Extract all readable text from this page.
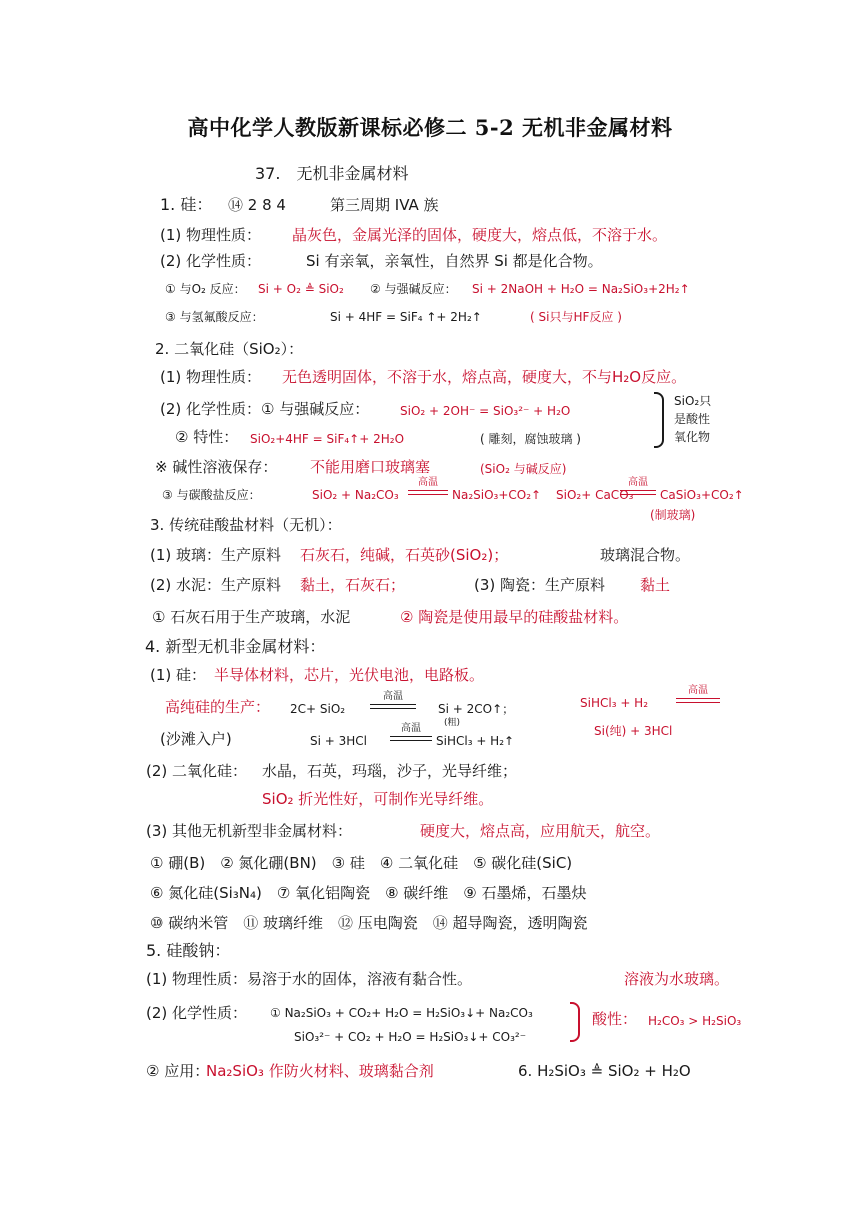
高中化学人教版新课标必修二 5-2 无机非金属材料
37.　无机非金属材料
1. 硅： ⑭ 2 8 4	第三周期 IVA 族
(1) 物理性质： 晶灰色，金属光泽的固体，硬度大，熔点低，不溶于水。
(2) 化学性质：	Si 有亲氧，亲氧性，自然界 Si 都是化合物。
① 与O₂ 反应： Si + O₂ ≜ SiO₂ ② 与强碱反应： Si + 2NaOH + H₂O = Na₂SiO₃+2H₂↑
③ 与氢氟酸反应：	Si + 4HF = SiF₄ ↑+ 2H₂↑	( Si只与HF反应 )
2. 二氧化硅（SiO₂）：
(1) 物理性质： 无色透明固体，不溶于水，熔点高，硬度大，不与H₂O反应。
(2) 化学性质：① 与强碱反应：	SiO₂ + 2OH⁻ = SiO₃²⁻ + H₂O
② 特性： SiO₂+4HF = SiF₄↑+ 2H₂O	( 雕刻，腐蚀玻璃 )
SiO₂只
是酸性
氧化物
※ 碱性溶液保存： 不能用磨口玻璃塞	(SiO₂ 与碱反应)
③ 与碳酸盐反应：	SiO₂ + Na₂CO₃
高温
Na₂SiO₃+CO₂↑ SiO₂+ CaCO₃
高温
CaSiO₃+CO₂↑
(制玻璃)
3. 传统硅酸盐材料（无机）：
(1) 玻璃：生产原料 石灰石，纯碱，石英砂(SiO₂)；	玻璃混合物。
(2) 水泥：生产原料 黏土，石灰石；	(3) 陶瓷：生产原料 黏土
① 石灰石用于生产玻璃，水泥	② 陶瓷是使用最早的硅酸盐材料。
4. 新型无机非金属材料：
(1) 硅： 半导体材料，芯片，光伏电池，电路板。
高纯硅的生产： 2C+ SiO₂
高温
Si + 2CO↑；
(粗)
SiHCl₃ + H₂
高温
Si(纯) + 3HCl
(沙滩入户)	Si + 3HCl
高温
SiHCl₃ + H₂↑
(2) 二氧化硅： 水晶，石英，玛瑙，沙子，光导纤维；
SiO₂ 折光性好，可制作光导纤维。
(3) 其他无机新型非金属材料：	硬度大，熔点高，应用航天，航空。
① 硼(B)　② 氮化硼(BN)　③ 硅　④ 二氧化硅　⑤ 碳化硅(SiC)
⑥ 氮化硅(Si₃N₄)　⑦ 氧化铝陶瓷　⑧ 碳纤维　⑨ 石墨烯，石墨炔
⑩ 碳纳米管　⑪ 玻璃纤维　⑫ 压电陶瓷　⑭ 超导陶瓷，透明陶瓷
5. 硅酸钠：
(1) 物理性质：易溶于水的固体，溶液有黏合性。	溶液为水玻璃。
(2) 化学性质： ① Na₂SiO₃ + CO₂+ H₂O = H₂SiO₃↓+ Na₂CO₃
SiO₃²⁻ + CO₂ + H₂O = H₂SiO₃↓+ CO₃²⁻
酸性： H₂CO₃ > H₂SiO₃
② 应用：
Na₂SiO₃ 作防火材料、玻璃黏合剂	6. H₂SiO₃ ≜ SiO₂ + H₂O
